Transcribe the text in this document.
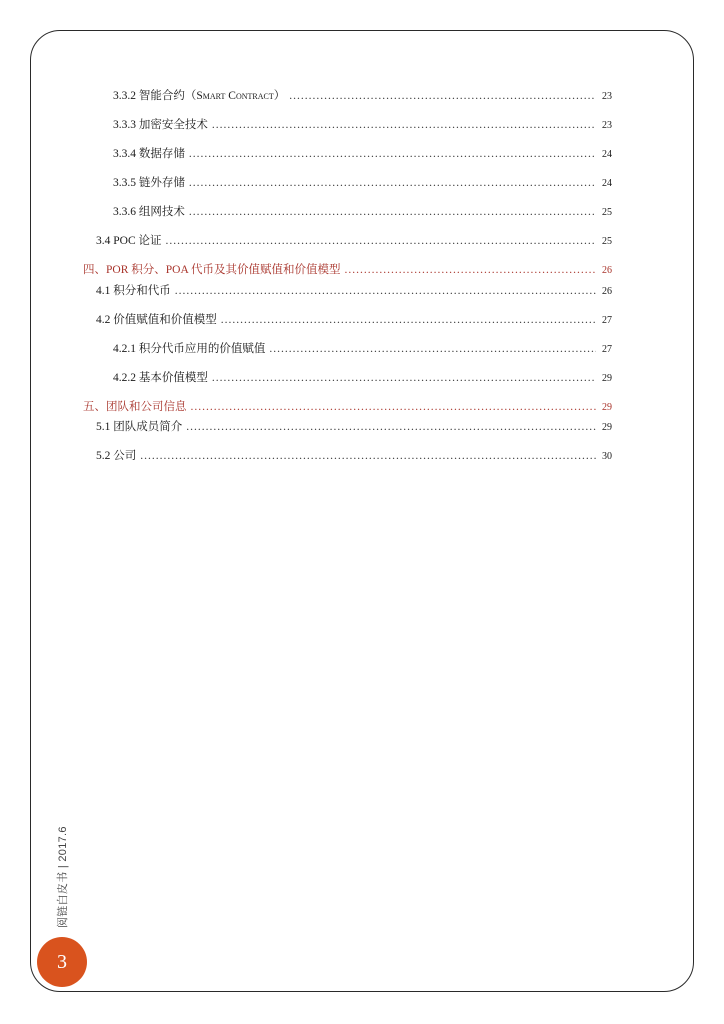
3.3.2 智能合约（Smart Contract） .....	23
3.3.3 加密安全技术 .....	23
3.3.4 数据存储 .....	24
3.3.5 链外存储 .....	24
3.3.6 组网技术 .....	25
3.4 POC 论证 .....	25
四、POR 积分、POA 代币及其价值赋值和价值模型 .....	26
4.1 积分和代币 .....	26
4.2 价值赋值和价值模型 .....	27
4.2.1 积分代币应用的价值赋值 .....	27
4.2.2 基本价值模型 .....	29
五、团队和公司信息 .....	29
5.1 团队成员简介 .....	29
5.2 公司 .....	30
阅链白皮书 | 2017.6
3
